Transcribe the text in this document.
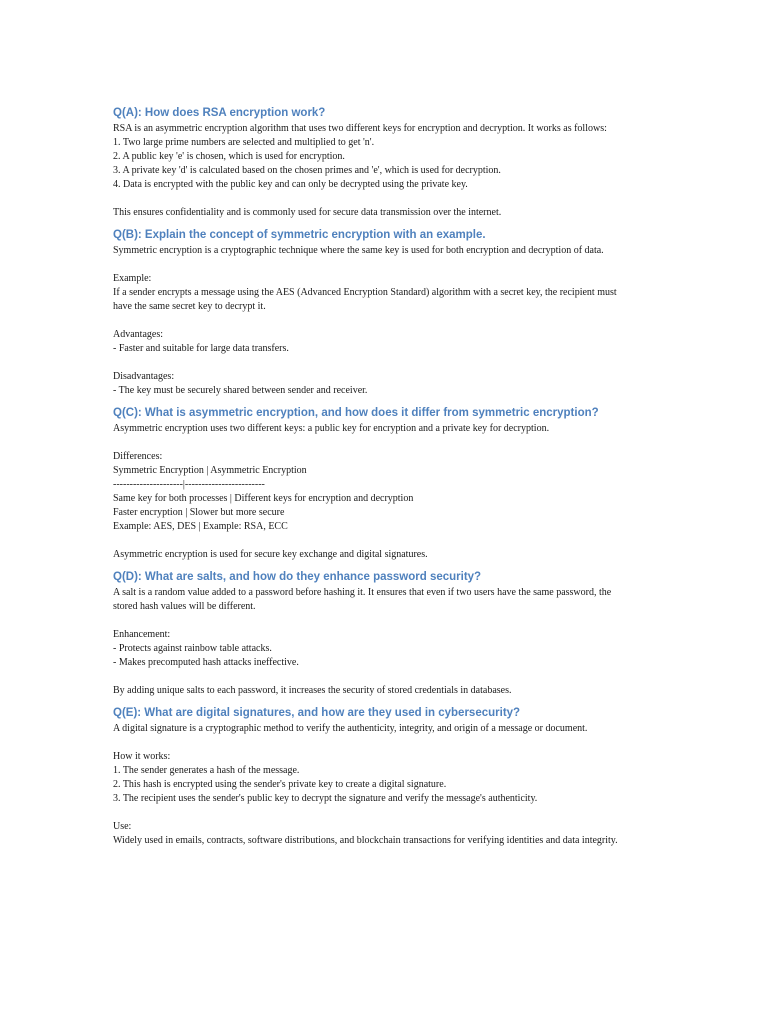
Q(A): How does RSA encryption work?

RSA is an asymmetric encryption algorithm that uses two different keys for encryption and decryption. It works as follows:

1. Two large prime numbers are selected and multiplied to get 'n'.

2. A public key 'e' is chosen, which is used for encryption.

3. A private key 'd' is calculated based on the chosen primes and 'e', which is used for decryption.

4. Data is encrypted with the public key and can only be decrypted using the private key.

This ensures confidentiality and is commonly used for secure data transmission over the internet.

Q(B): Explain the concept of symmetric encryption with an example.

Symmetric encryption is a cryptographic technique where the same key is used for both encryption and decryption of data.

Example:

If a sender encrypts a message using the AES (Advanced Encryption Standard) algorithm with a secret key, the recipient must

have the same secret key to decrypt it.

Advantages:

- Faster and suitable for large data transfers.

Disadvantages:

- The key must be securely shared between sender and receiver.

Q(C): What is asymmetric encryption, and how does it differ from symmetric encryption?

Asymmetric encryption uses two different keys: a public key for encryption and a private key for decryption.

Differences:

Symmetric Encryption | Asymmetric Encryption

---------------------|------------------------

Same key for both processes | Different keys for encryption and decryption

Faster encryption | Slower but more secure

Example: AES, DES | Example: RSA, ECC

Asymmetric encryption is used for secure key exchange and digital signatures.

Q(D): What are salts, and how do they enhance password security?

A salt is a random value added to a password before hashing it. It ensures that even if two users have the same password, the

stored hash values will be different.

Enhancement:

- Protects against rainbow table attacks.

- Makes precomputed hash attacks ineffective.

By adding unique salts to each password, it increases the security of stored credentials in databases.

Q(E): What are digital signatures, and how are they used in cybersecurity?

A digital signature is a cryptographic method to verify the authenticity, integrity, and origin of a message or document.

How it works:

1. The sender generates a hash of the message.

2. This hash is encrypted using the sender's private key to create a digital signature.

3. The recipient uses the sender's public key to decrypt the signature and verify the message's authenticity.

Use:

Widely used in emails, contracts, software distributions, and blockchain transactions for verifying identities and data integrity.
